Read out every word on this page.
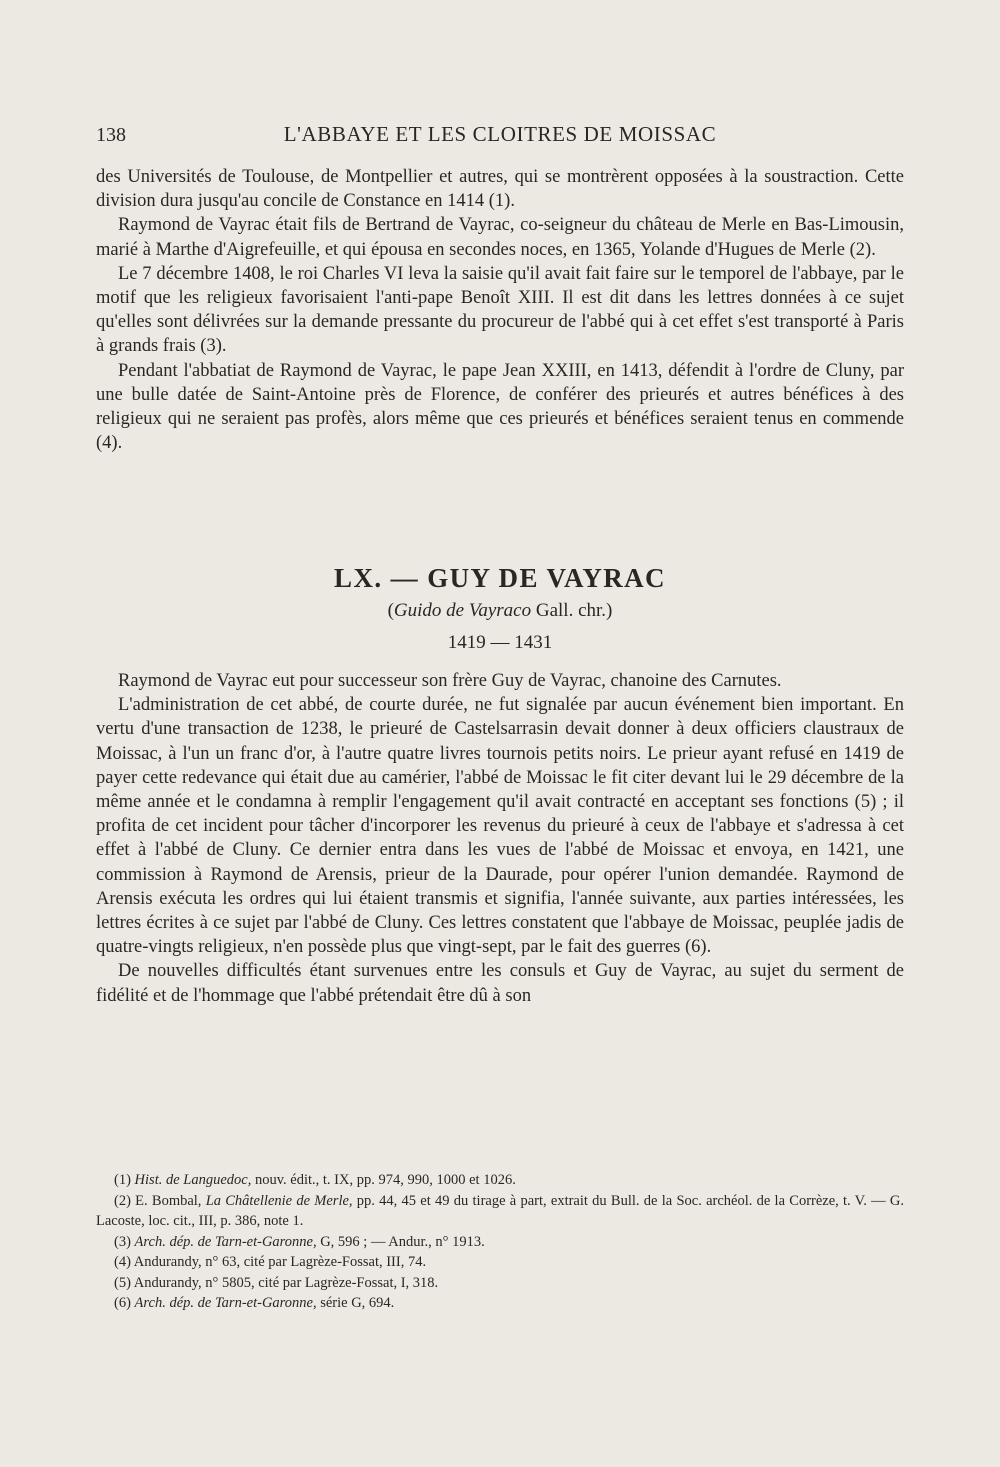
138	L'ABBAYE ET LES CLOITRES DE MOISSAC

des Universités de Toulouse, de Montpellier et autres, qui se montrèrent opposées à la soustraction. Cette division dura jusqu'au concile de Constance en 1414 (1).

Raymond de Vayrac était fils de Bertrand de Vayrac, co-seigneur du château de Merle en Bas-Limousin, marié à Marthe d'Aigrefeuille, et qui épousa en secondes noces, en 1365, Yolande d'Hugues de Merle (2).

Le 7 décembre 1408, le roi Charles VI leva la saisie qu'il avait fait faire sur le temporel de l'abbaye, par le motif que les religieux favorisaient l'anti-pape Benoît XIII. Il est dit dans les lettres données à ce sujet qu'elles sont délivrées sur la demande pressante du procureur de l'abbé qui à cet effet s'est transporté à Paris à grands frais (3).

Pendant l'abbatiat de Raymond de Vayrac, le pape Jean XXIII, en 1413, défendit à l'ordre de Cluny, par une bulle datée de Saint-Antoine près de Florence, de conférer des prieurés et autres bénéfices à des religieux qui ne seraient pas profès, alors même que ces prieurés et bénéfices seraient tenus en commende (4).

LX. — GUY DE VAYRAC

(Guido de Vayraco Gall. chr.)

1419 — 1431

Raymond de Vayrac eut pour successeur son frère Guy de Vayrac, chanoine des Carnutes.

L'administration de cet abbé, de courte durée, ne fut signalée par aucun événement bien important. En vertu d'une transaction de 1238, le prieuré de Castelsarrasin devait donner à deux officiers claustraux de Moissac, à l'un un franc d'or, à l'autre quatre livres tournois petits noirs. Le prieur ayant refusé en 1419 de payer cette redevance qui était due au camérier, l'abbé de Moissac le fit citer devant lui le 29 décembre de la même année et le condamna à remplir l'engagement qu'il avait contracté en acceptant ses fonctions (5) ; il profita de cet incident pour tâcher d'incorporer les revenus du prieuré à ceux de l'abbaye et s'adressa à cet effet à l'abbé de Cluny. Ce dernier entra dans les vues de l'abbé de Moissac et envoya, en 1421, une commission à Raymond de Arensis, prieur de la Daurade, pour opérer l'union demandée. Raymond de Arensis exécuta les ordres qui lui étaient transmis et signifia, l'année suivante, aux parties intéressées, les lettres écrites à ce sujet par l'abbé de Cluny. Ces lettres constatent que l'abbaye de Moissac, peuplée jadis de quatre-vingts religieux, n'en possède plus que vingt-sept, par le fait des guerres (6).

De nouvelles difficultés étant survenues entre les consuls et Guy de Vayrac, au sujet du serment de fidélité et de l'hommage que l'abbé prétendait être dû à son

(1) Hist. de Languedoc, nouv. édit., t. IX, pp. 974, 990, 1000 et 1026.

(2) E. Bombal, La Châtellenie de Merle, pp. 44, 45 et 49 du tirage à part, extrait du Bull. de la Soc. archéol. de la Corrèze, t. V. — G. Lacoste, loc. cit., III, p. 386, note 1.

(3) Arch. dép. de Tarn-et-Garonne, G, 596 ; — Andur., n° 1913.

(4) Andurandy, n° 63, cité par Lagrèze-Fossat, III, 74.

(5) Andurandy, n° 5805, cité par Lagrèze-Fossat, I, 318.

(6) Arch. dép. de Tarn-et-Garonne, série G, 694.
